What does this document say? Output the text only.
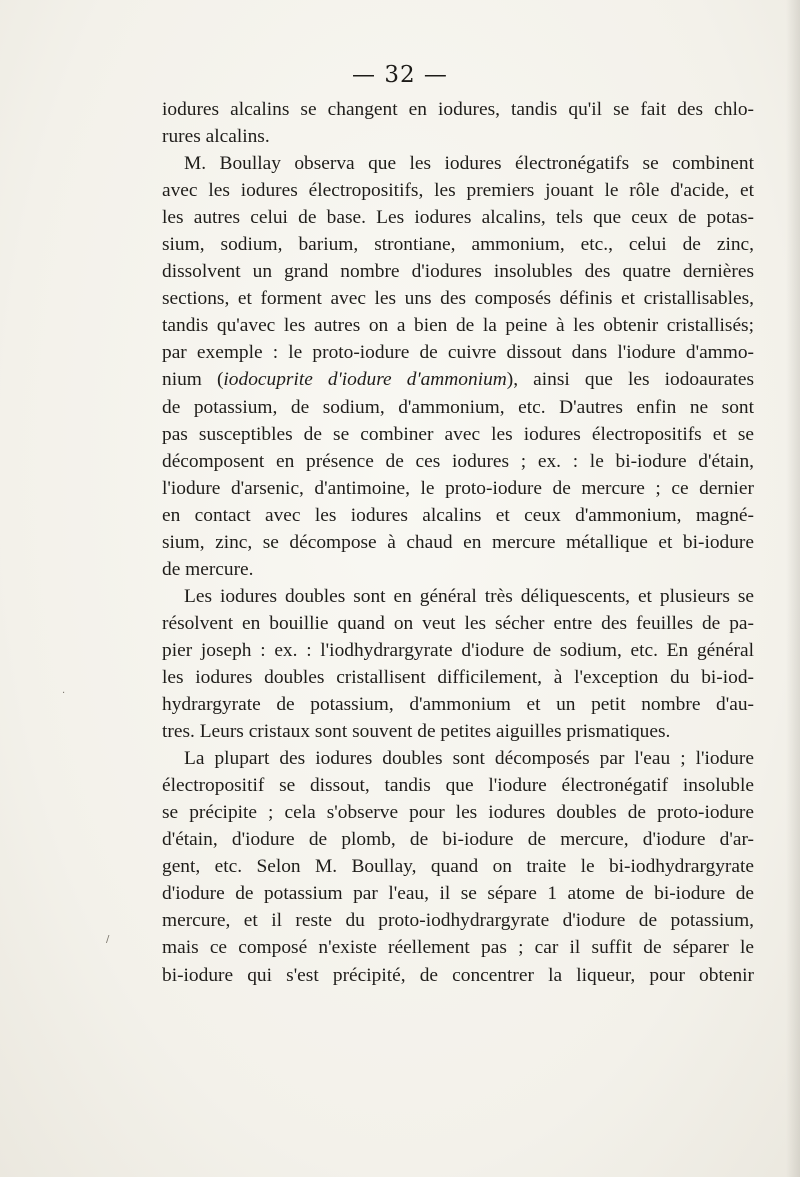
— 32 —
iodures alcalins se changent en iodures, tandis qu'il se fait des chlo-
rures alcalins.
M. Boullay observa que les iodures électronégatifs se combinent
avec les iodures électropositifs, les premiers jouant le rôle d'acide, et
les autres celui de base. Les iodures alcalins, tels que ceux de potas-
sium, sodium, barium, strontiane, ammonium, etc., celui de zinc,
dissolvent un grand nombre d'iodures insolubles des quatre dernières
sections, et forment avec les uns des composés définis et cristallisables,
tandis qu'avec les autres on a bien de la peine à les obtenir cristallisés;
par exemple : le proto-iodure de cuivre dissout dans l'iodure d'ammo-
nium (iodocuprite d'iodure d'ammonium), ainsi que les iodoaurates
de potassium, de sodium, d'ammonium, etc. D'autres enfin ne sont
pas susceptibles de se combiner avec les iodures électropositifs et se
décomposent en présence de ces iodures ; ex. : le bi-iodure d'étain,
l'iodure d'arsenic, d'antimoine, le proto-iodure de mercure ; ce dernier
en contact avec les iodures alcalins et ceux d'ammonium, magné-
sium, zinc, se décompose à chaud en mercure métallique et bi-iodure
de mercure.
Les iodures doubles sont en général très déliquescents, et plusieurs se
résolvent en bouillie quand on veut les sécher entre des feuilles de pa-
pier joseph : ex. : l'iodhydrargyrate d'iodure de sodium, etc. En général
les iodures doubles cristallisent difficilement, à l'exception du bi-iod-
hydrargyrate de potassium, d'ammonium et un petit nombre d'au-
tres. Leurs cristaux sont souvent de petites aiguilles prismatiques.
La plupart des iodures doubles sont décomposés par l'eau ; l'iodure
électropositif se dissout, tandis que l'iodure électronégatif insoluble
se précipite ; cela s'observe pour les iodures doubles de proto-iodure
d'étain, d'iodure de plomb, de bi-iodure de mercure, d'iodure d'ar-
gent, etc. Selon M. Boullay, quand on traite le bi-iodhydrargyrate
d'iodure de potassium par l'eau, il se sépare 1 atome de bi-iodure de
mercure, et il reste du proto-iodhydrargyrate d'iodure de potassium,
mais ce composé n'existe réellement pas ; car il suffit de séparer le
bi-iodure qui s'est précipité, de concentrer la liqueur, pour obtenir
·
/
